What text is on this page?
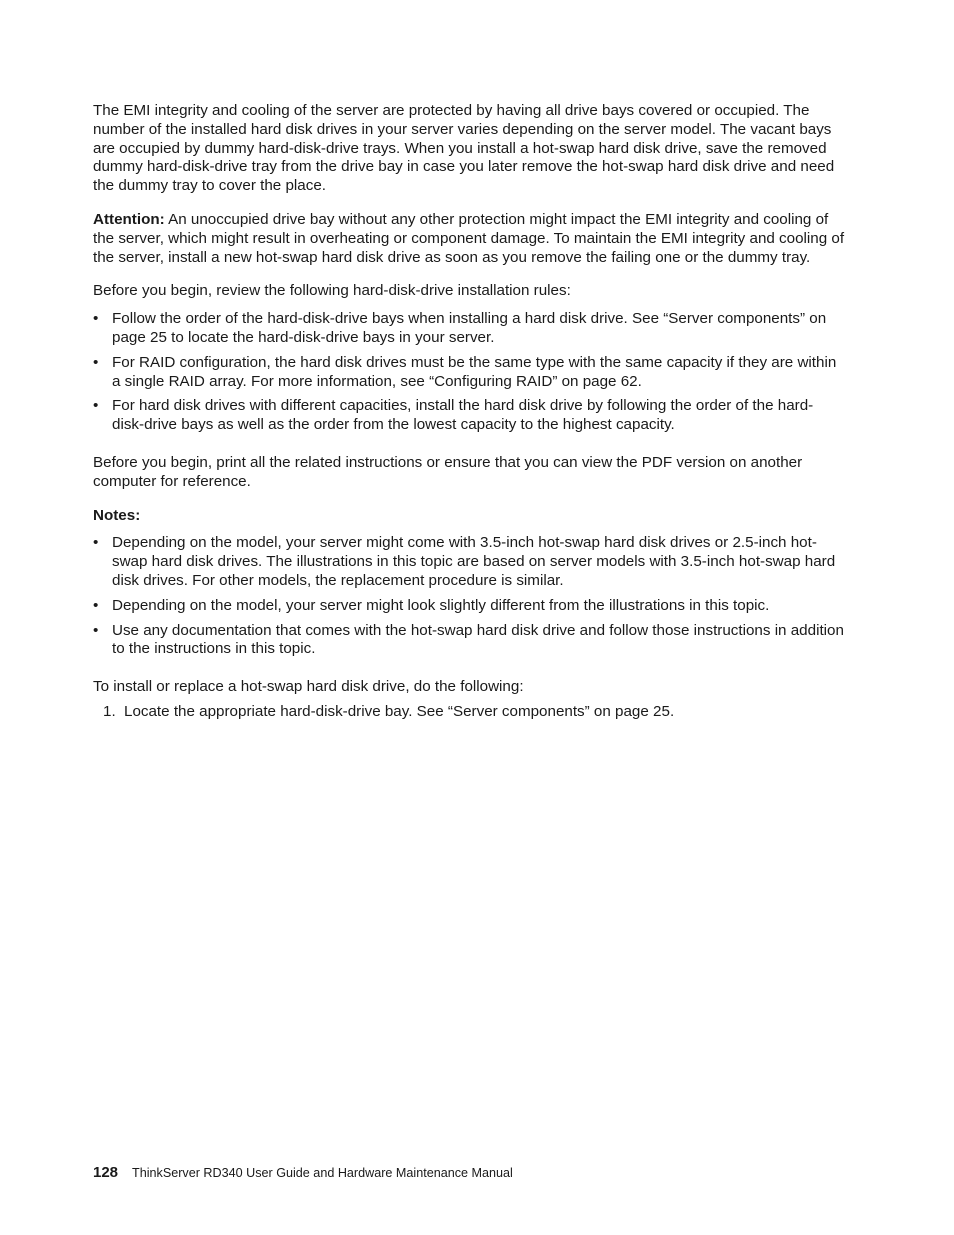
The EMI integrity and cooling of the server are protected by having all drive bays covered or occupied. The number of the installed hard disk drives in your server varies depending on the server model. The vacant bays are occupied by dummy hard-disk-drive trays. When you install a hot-swap hard disk drive, save the removed dummy hard-disk-drive tray from the drive bay in case you later remove the hot-swap hard disk drive and need the dummy tray to cover the place.

Attention: An unoccupied drive bay without any other protection might impact the EMI integrity and cooling of the server, which might result in overheating or component damage. To maintain the EMI integrity and cooling of the server, install a new hot-swap hard disk drive as soon as you remove the failing one or the dummy tray.

Before you begin, review the following hard-disk-drive installation rules:

• Follow the order of the hard-disk-drive bays when installing a hard disk drive. See “Server components” on page 25 to locate the hard-disk-drive bays in your server.
• For RAID configuration, the hard disk drives must be the same type with the same capacity if they are within a single RAID array. For more information, see “Configuring RAID” on page 62.
• For hard disk drives with different capacities, install the hard disk drive by following the order of the hard-disk-drive bays as well as the order from the lowest capacity to the highest capacity.

Before you begin, print all the related instructions or ensure that you can view the PDF version on another computer for reference.

Notes:

• Depending on the model, your server might come with 3.5-inch hot-swap hard disk drives or 2.5-inch hot-swap hard disk drives. The illustrations in this topic are based on server models with 3.5-inch hot-swap hard disk drives. For other models, the replacement procedure is similar.
• Depending on the model, your server might look slightly different from the illustrations in this topic.
• Use any documentation that comes with the hot-swap hard disk drive and follow those instructions in addition to the instructions in this topic.

To install or replace a hot-swap hard disk drive, do the following:

1. Locate the appropriate hard-disk-drive bay. See “Server components” on page 25.
128 ThinkServer RD340 User Guide and Hardware Maintenance Manual
